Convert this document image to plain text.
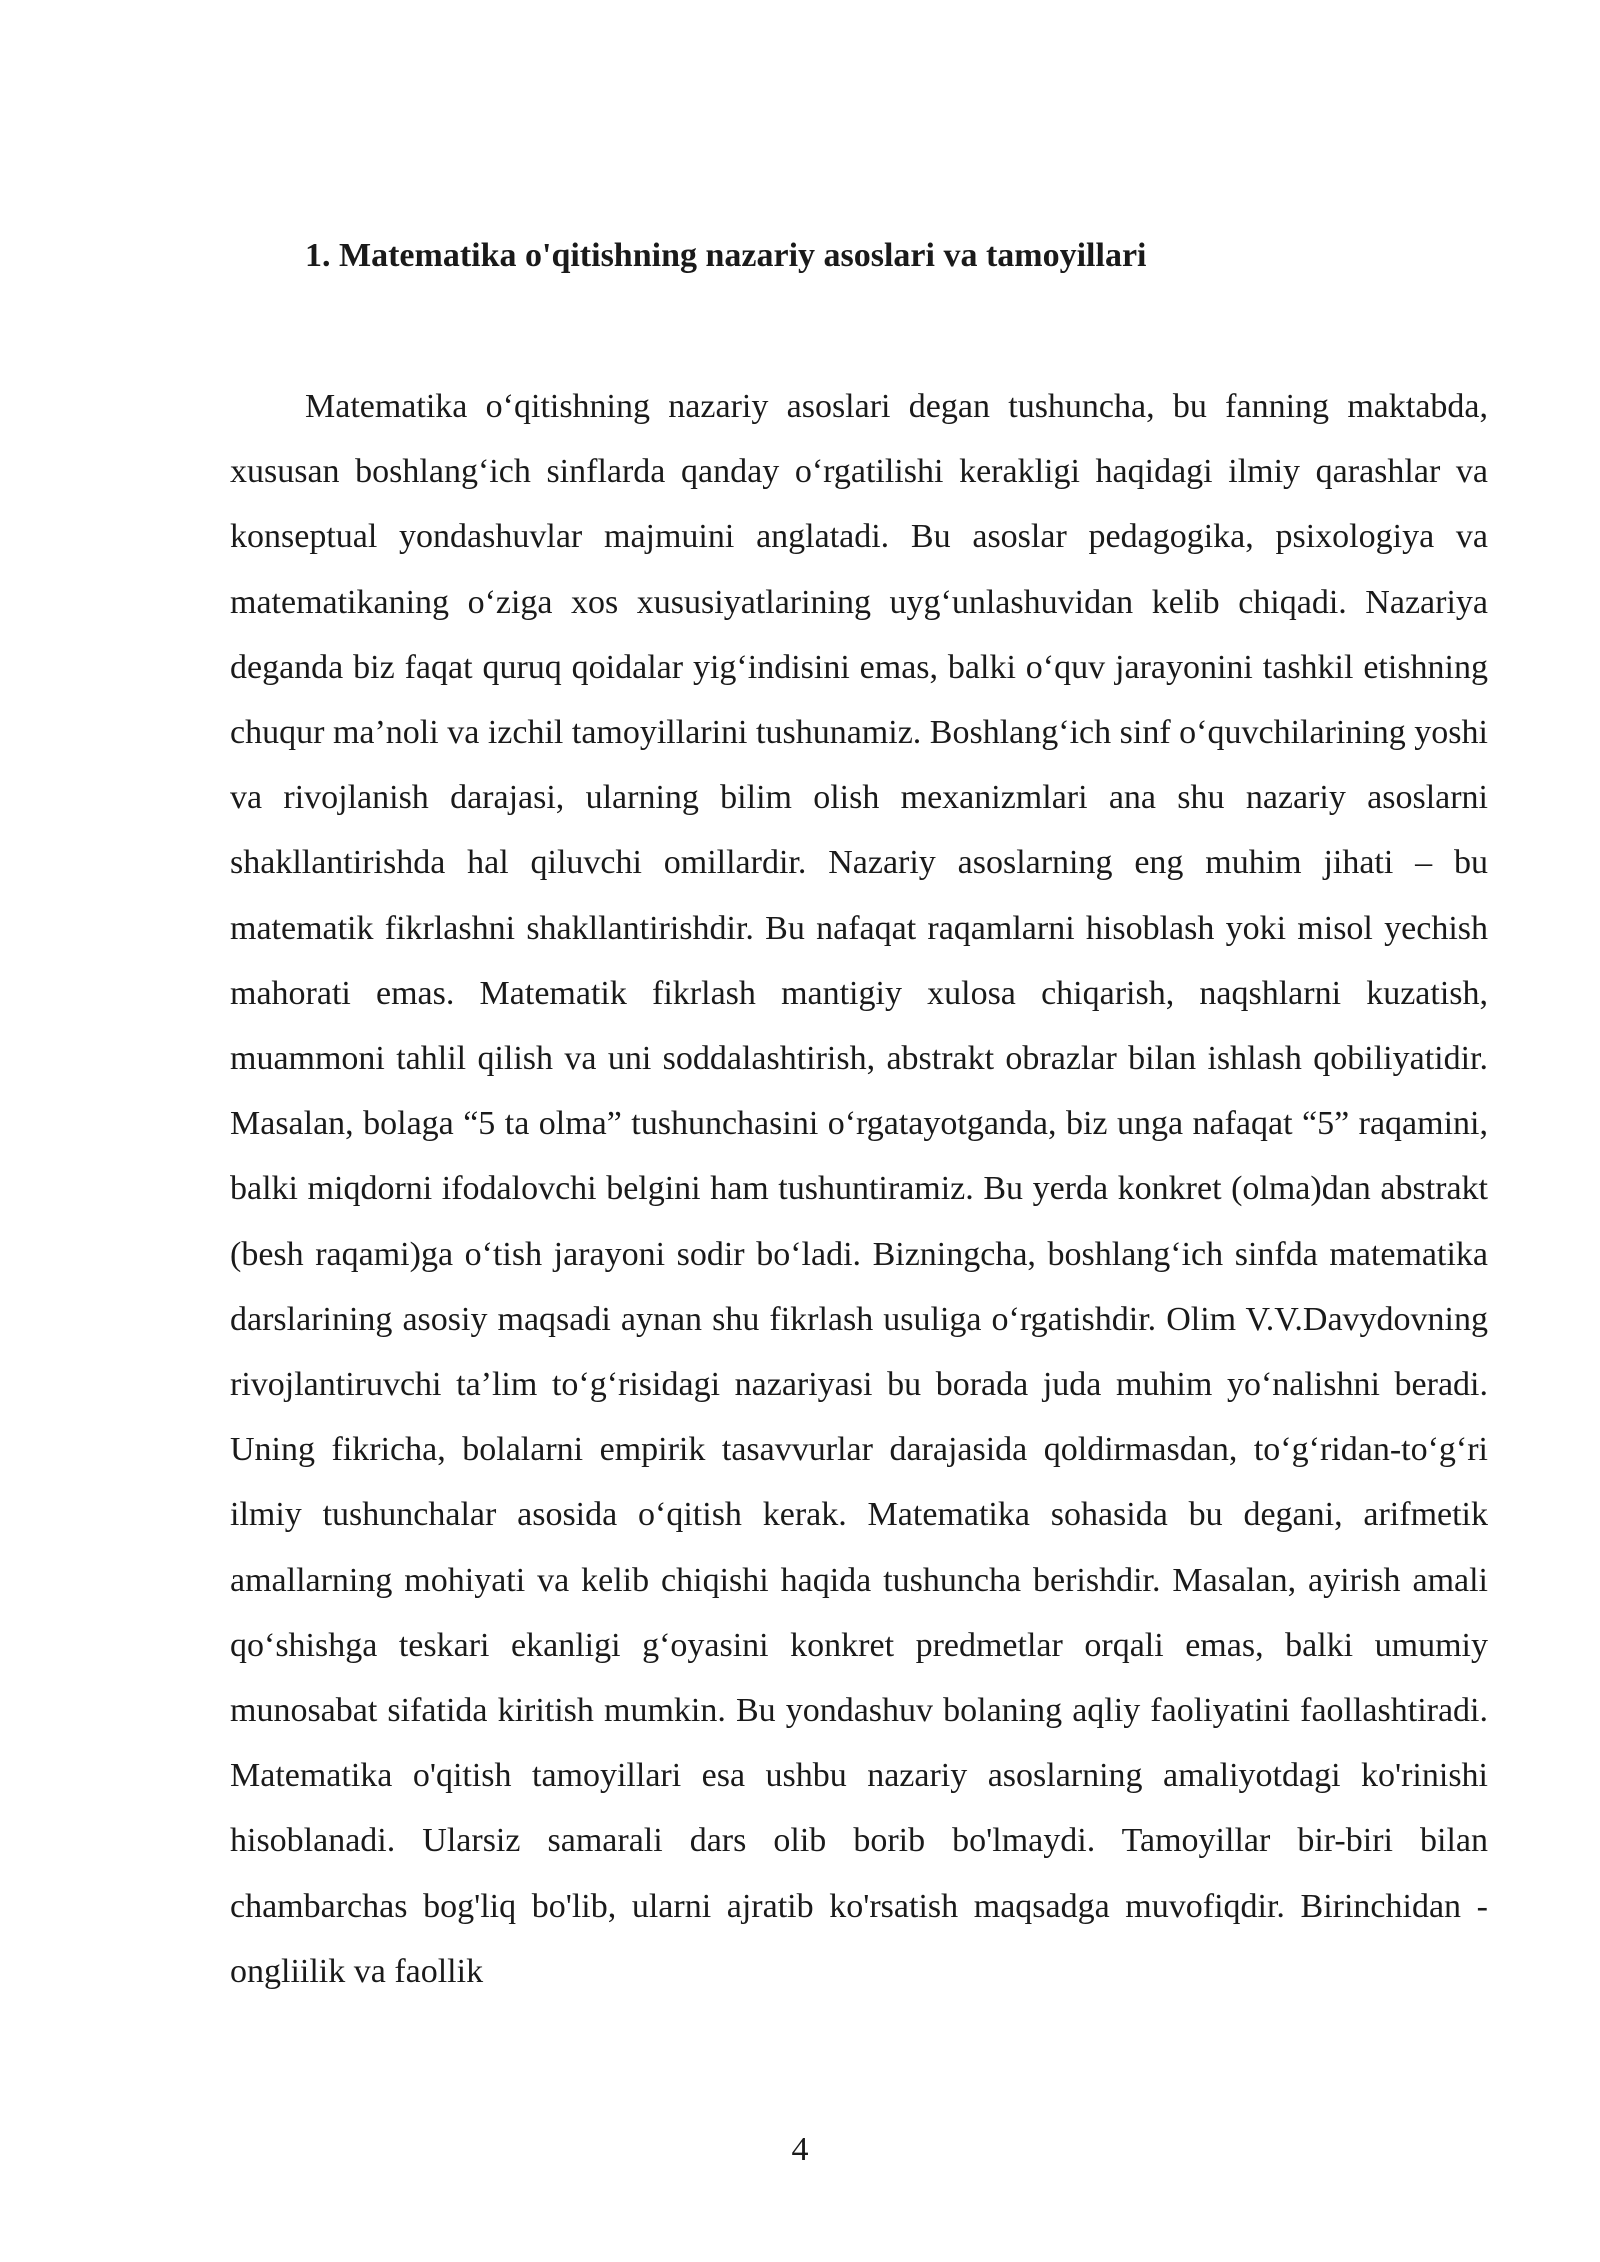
1. Matematika o'qitishning nazariy asoslari va tamoyillari

Matematika o‘qitishning nazariy asoslari degan tushuncha, bu fanning maktabda, xususan boshlang‘ich sinflarda qanday o‘rgatilishi kerakligi haqidagi ilmiy qarashlar va konseptual yondashuvlar majmuini anglatadi. Bu asoslar pedagogika, psixologiya va matematikaning o‘ziga xos xususiyatlarining uyg‘unlashuvidan kelib chiqadi. Nazariya deganda biz faqat quruq qoidalar yig‘indisini emas, balki o‘quv jarayonini tashkil etishning chuqur ma’noli va izchil tamoyillarini tushunamiz. Boshlang‘ich sinf o‘quvchilarining yoshi va rivojlanish darajasi, ularning bilim olish mexanizmlari ana shu nazariy asoslarni shakllantirishda hal qiluvchi omillardir. Nazariy asoslarning eng muhim jihati – bu matematik fikrlashni shakllantirishdir. Bu nafaqat raqamlarni hisoblash yoki misol yechish mahorati emas. Matematik fikrlash mantigiy xulosa chiqarish, naqshlarni kuzatish, muammoni tahlil qilish va uni soddalashtirish, abstrakt obrazlar bilan ishlash qobiliyatidir. Masalan, bolaga “5 ta olma” tushunchasini o‘rgatayotganda, biz unga nafaqat “5” raqamini, balki miqdorni ifodalovchi belgini ham tushuntiramiz. Bu yerda konkret (olma)dan abstrakt (besh raqami)ga o‘tish jarayoni sodir bo‘ladi. Bizningcha, boshlang‘ich sinfda matematika darslarining asosiy maqsadi aynan shu fikrlash usuliga o‘rgatishdir. Olim V.V.Davydovning rivojlantiruvchi ta’lim to‘g‘risidagi nazariyasi bu borada juda muhim yo‘nalishni beradi. Uning fikricha, bolalarni empirik tasavvurlar darajasida qoldirmasdan, to‘g‘ridan-to‘g‘ri ilmiy tushunchalar asosida o‘qitish kerak. Matematika sohasida bu degani, arifmetik amallarning mohiyati va kelib chiqishi haqida tushuncha berishdir. Masalan, ayirish amali qo‘shishga teskari ekanligi g‘oyasini konkret predmetlar orqali emas, balki umumiy munosabat sifatida kiritish mumkin. Bu yondashuv bolaning aqliy faoliyatini faollashtiradi. Matematika o'qitish tamoyillari esa ushbu nazariy asoslarning amaliyotdagi ko'rinishi hisoblanadi. Ularsiz samarali dars olib borib bo'lmaydi. Tamoyillar bir-biri bilan chambarchas bog'liq bo'lib, ularni ajratib ko'rsatish maqsadga muvofiqdir. Birinchidan - ongliilik va faollik

4
